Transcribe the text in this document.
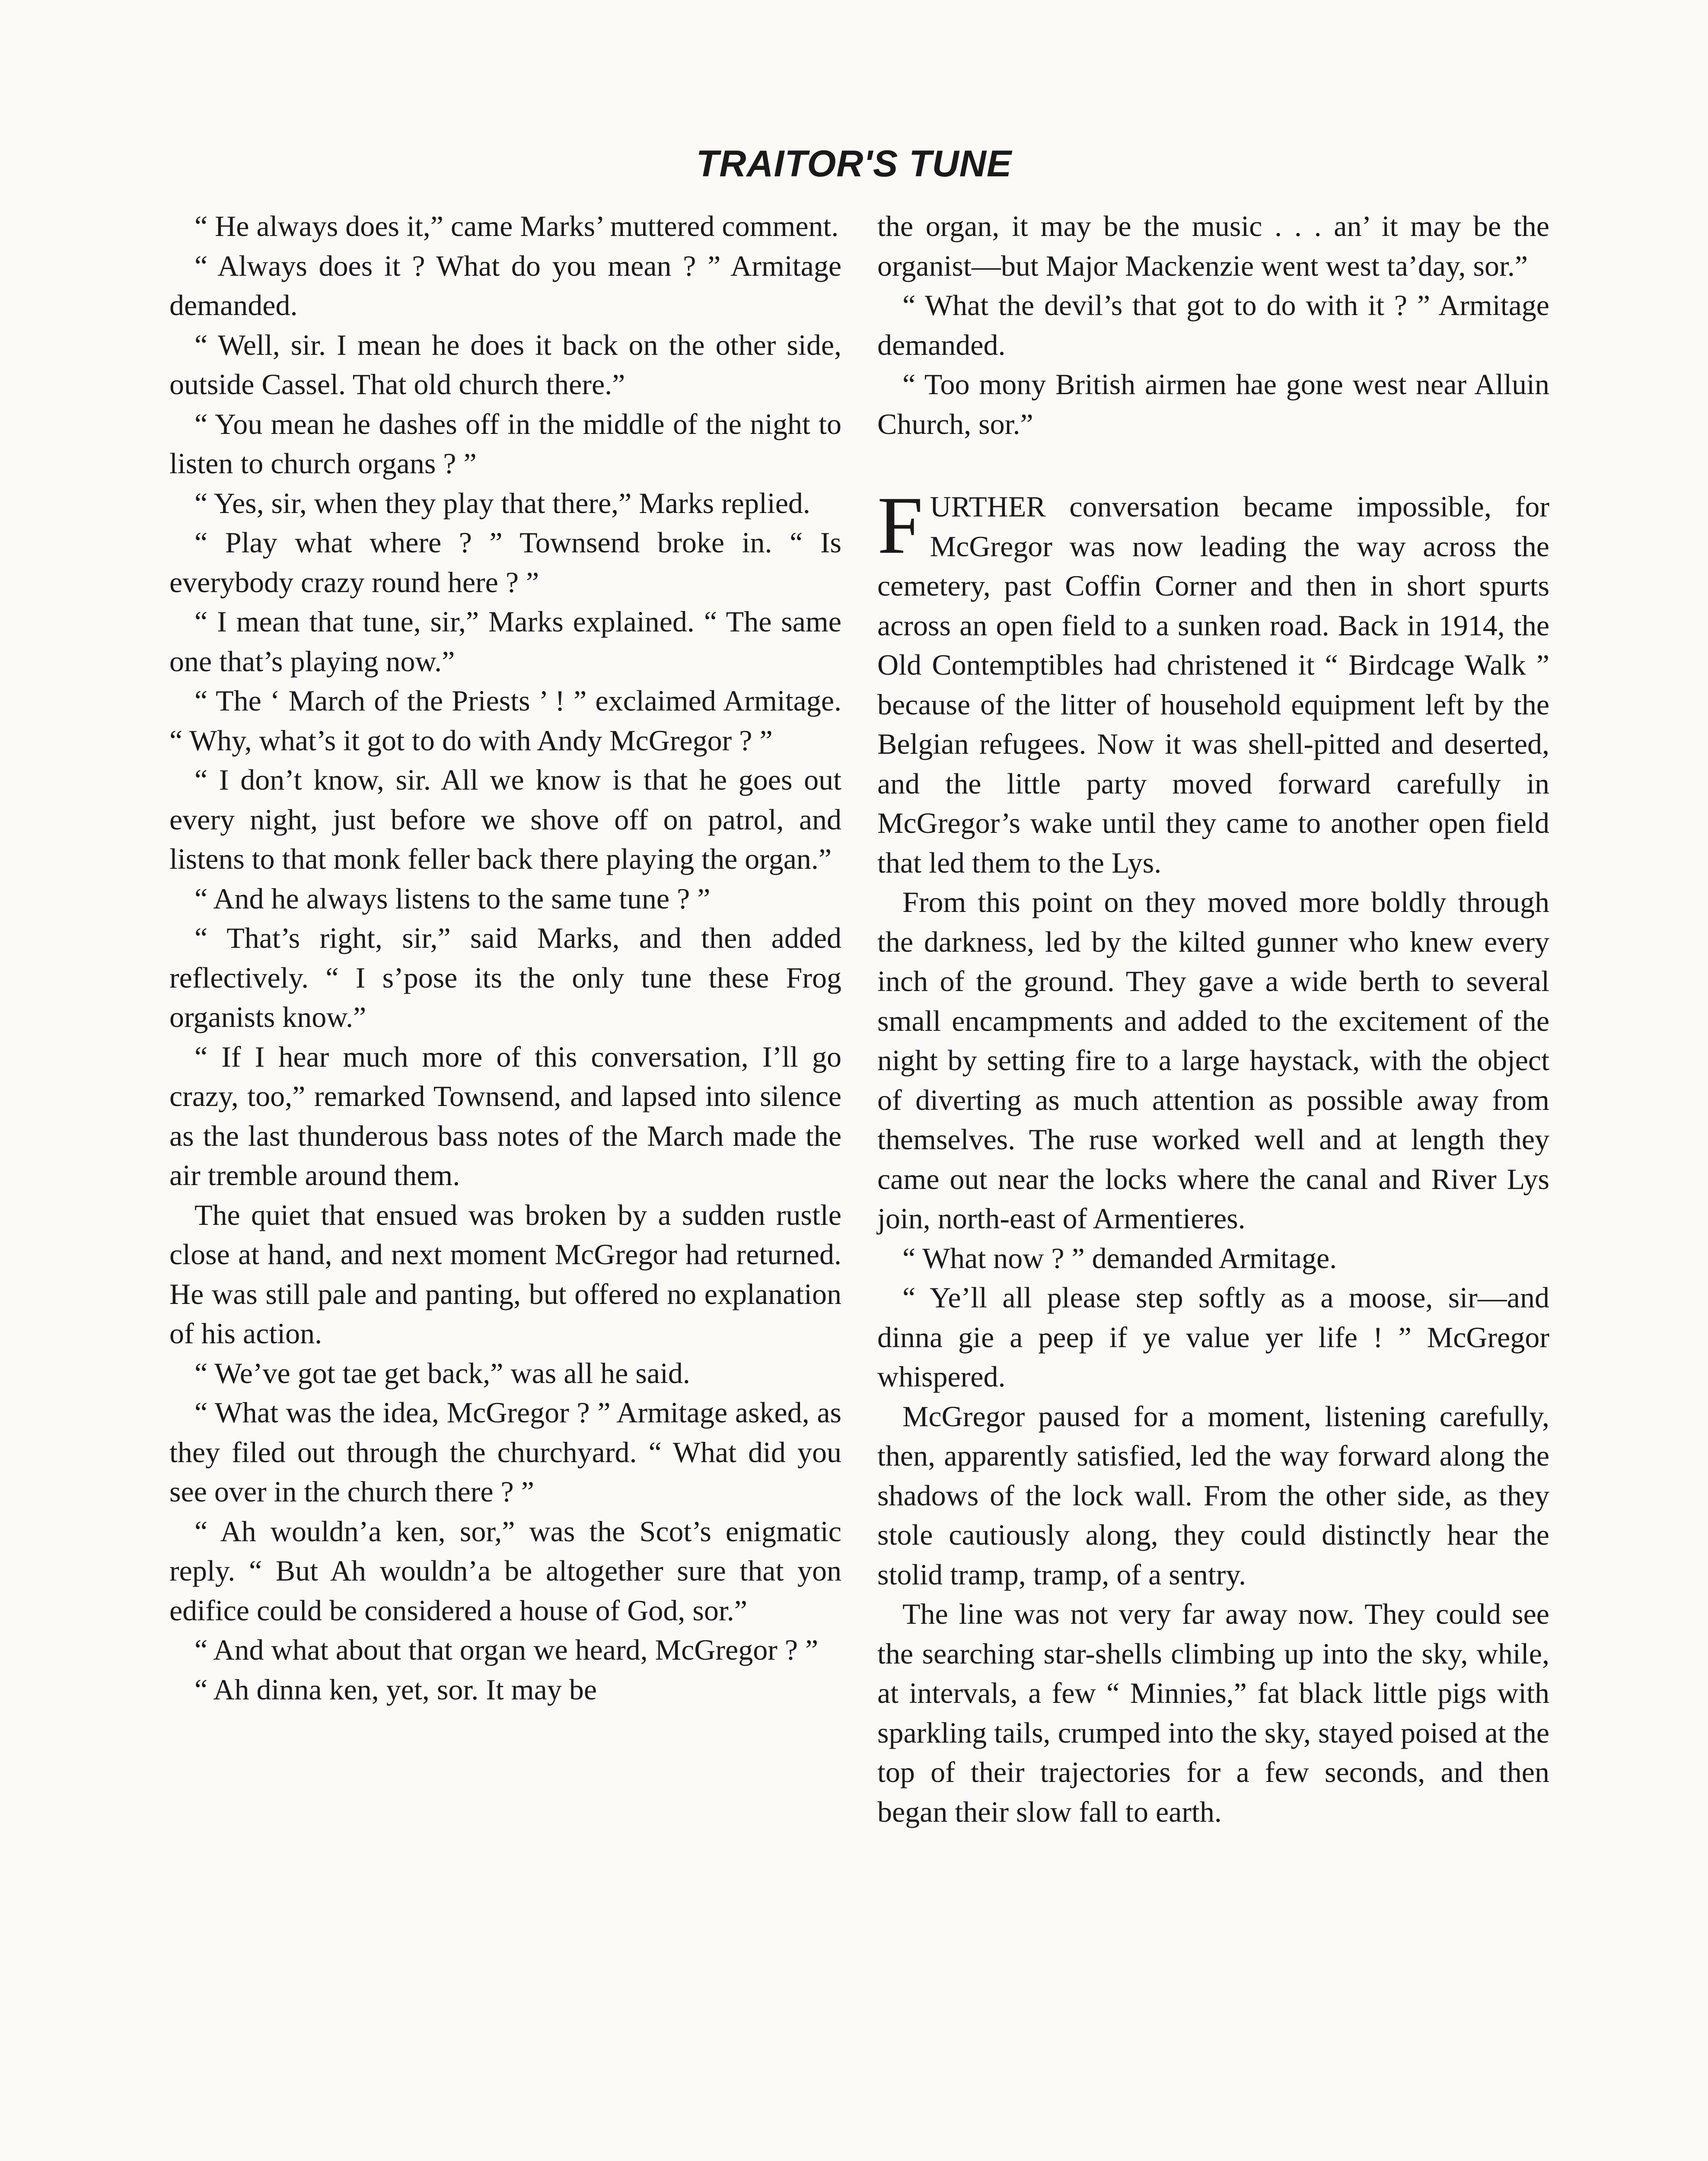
TRAITOR'S TUNE

“ He always does it,” came Marks’ muttered comment.

“ Always does it ? What do you mean ? ” Armitage demanded.

“ Well, sir. I mean he does it back on the other side, outside Cassel. That old church there.”

“ You mean he dashes off in the middle of the night to listen to church organs ? ”

“ Yes, sir, when they play that there,” Marks replied.

“ Play what where ? ” Townsend broke in. “ Is everybody crazy round here ? ”

“ I mean that tune, sir,” Marks explained. “ The same one that’s playing now.”

“ The ‘ March of the Priests ’ ! ” exclaimed Armitage. “ Why, what’s it got to do with Andy McGregor ? ”

“ I don’t know, sir. All we know is that he goes out every night, just before we shove off on patrol, and listens to that monk feller back there playing the organ.”

“ And he always listens to the same tune ? ”

“ That’s right, sir,” said Marks, and then added reflectively. “ I s’pose its the only tune these Frog organists know.”

“ If I hear much more of this conversation, I’ll go crazy, too,” remarked Townsend, and lapsed into silence as the last thunderous bass notes of the March made the air tremble around them.

The quiet that ensued was broken by a sudden rustle close at hand, and next moment McGregor had returned. He was still pale and panting, but offered no explanation of his action.

“ We’ve got tae get back,” was all he said.

“ What was the idea, McGregor ? ” Armitage asked, as they filed out through the churchyard. “ What did you see over in the church there ? ”

“ Ah wouldn’a ken, sor,” was the Scot’s enigmatic reply. “ But Ah wouldn’a be altogether sure that yon edifice could be considered a house of God, sor.”

“ And what about that organ we heard, McGregor ? ”

“ Ah dinna ken, yet, sor. It may be

the organ, it may be the music . . . an’ it may be the organist—but Major Mackenzie went west ta’day, sor.”

“ What the devil’s that got to do with it ? ” Armitage demanded.

“ Too mony British airmen hae gone west near Alluin Church, sor.”

FURTHER conversation became impossible, for McGregor was now leading the way across the cemetery, past Coffin Corner and then in short spurts across an open field to a sunken road. Back in 1914, the Old Contemptibles had christened it “ Birdcage Walk ” because of the litter of household equipment left by the Belgian refugees. Now it was shell-pitted and deserted, and the little party moved forward carefully in McGregor’s wake until they came to another open field that led them to the Lys.

From this point on they moved more boldly through the darkness, led by the kilted gunner who knew every inch of the ground. They gave a wide berth to several small encampments and added to the excitement of the night by setting fire to a large haystack, with the object of diverting as much attention as possible away from themselves. The ruse worked well and at length they came out near the locks where the canal and River Lys join, north-east of Armentieres.

“ What now ? ” demanded Armitage.

“ Ye’ll all please step softly as a moose, sir—and dinna gie a peep if ye value yer life ! ” McGregor whispered.

McGregor paused for a moment, listening carefully, then, apparently satisfied, led the way forward along the shadows of the lock wall. From the other side, as they stole cautiously along, they could distinctly hear the stolid tramp, tramp, of a sentry.

The line was not very far away now. They could see the searching star-shells climbing up into the sky, while, at intervals, a few “ Minnies,” fat black little pigs with sparkling tails, crumped into the sky, stayed poised at the top of their trajectories for a few seconds, and then began their slow fall to earth.
